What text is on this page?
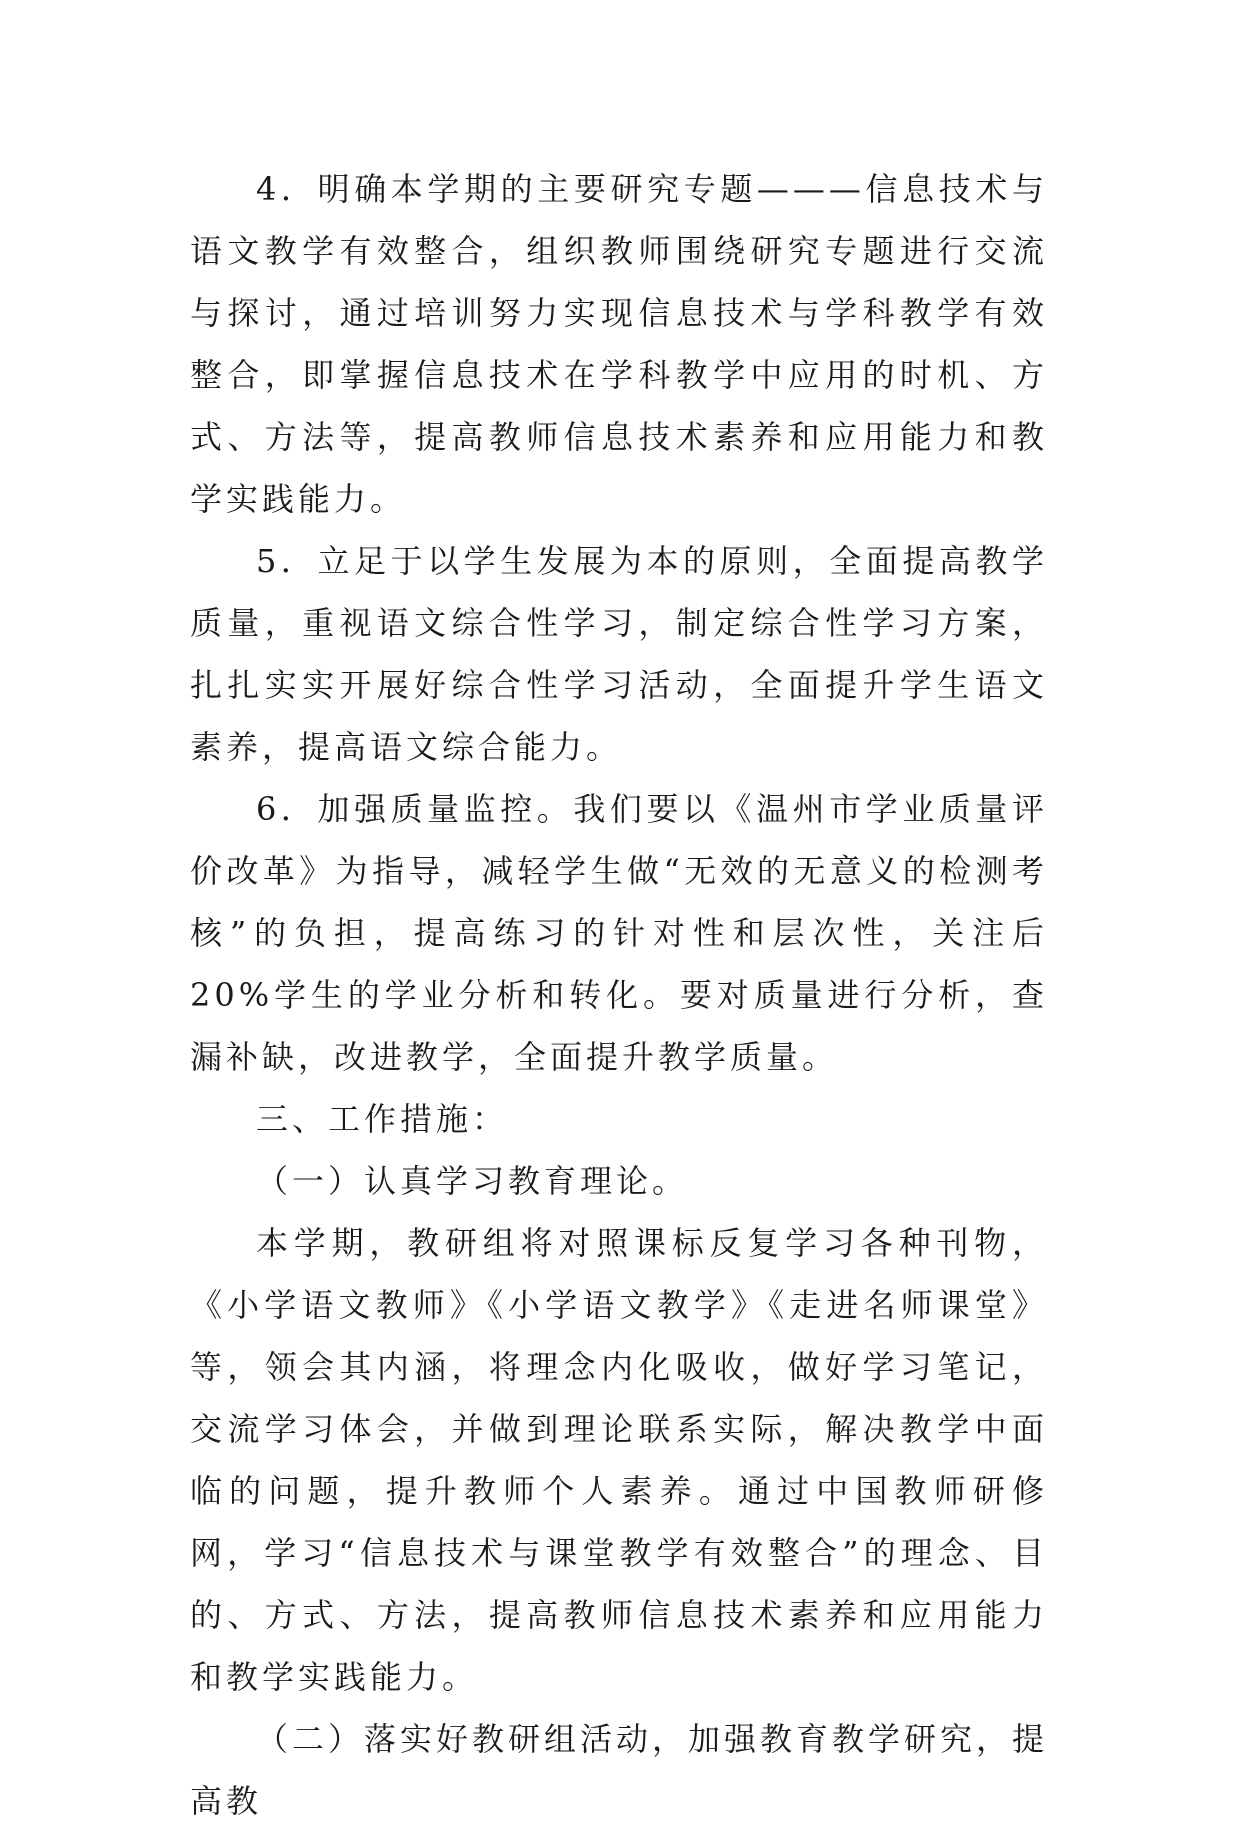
4．明确本学期的主要研究专题———信息技术与语文教学有效整合，组织教师围绕研究专题进行交流与探讨，通过培训努力实现信息技术与学科教学有效整合，即掌握信息技术在学科教学中应用的时机、方式、方法等，提高教师信息技术素养和应用能力和教学实践能力。

5．立足于以学生发展为本的原则，全面提高教学质量，重视语文综合性学习，制定综合性学习方案，扎扎实实开展好综合性学习活动，全面提升学生语文素养，提高语文综合能力。

6．加强质量监控。我们要以《温州市学业质量评价改革》为指导，减轻学生做“无效的无意义的检测考核”的负担，提高练习的针对性和层次性，关注后20%学生的学业分析和转化。要对质量进行分析，查漏补缺，改进教学，全面提升教学质量。

三、工作措施：

（一）认真学习教育理论。

本学期，教研组将对照课标反复学习各种刊物，《小学语文教师》《小学语文教学》《走进名师课堂》等，领会其内涵，将理念内化吸收，做好学习笔记，交流学习体会，并做到理论联系实际，解决教学中面临的问题，提升教师个人素养。通过中国教师研修网，学习“信息技术与课堂教学有效整合”的理念、目的、方式、方法，提高教师信息技术素养和应用能力和教学实践能力。

（二）落实好教研组活动，加强教育教学研究，提高教
